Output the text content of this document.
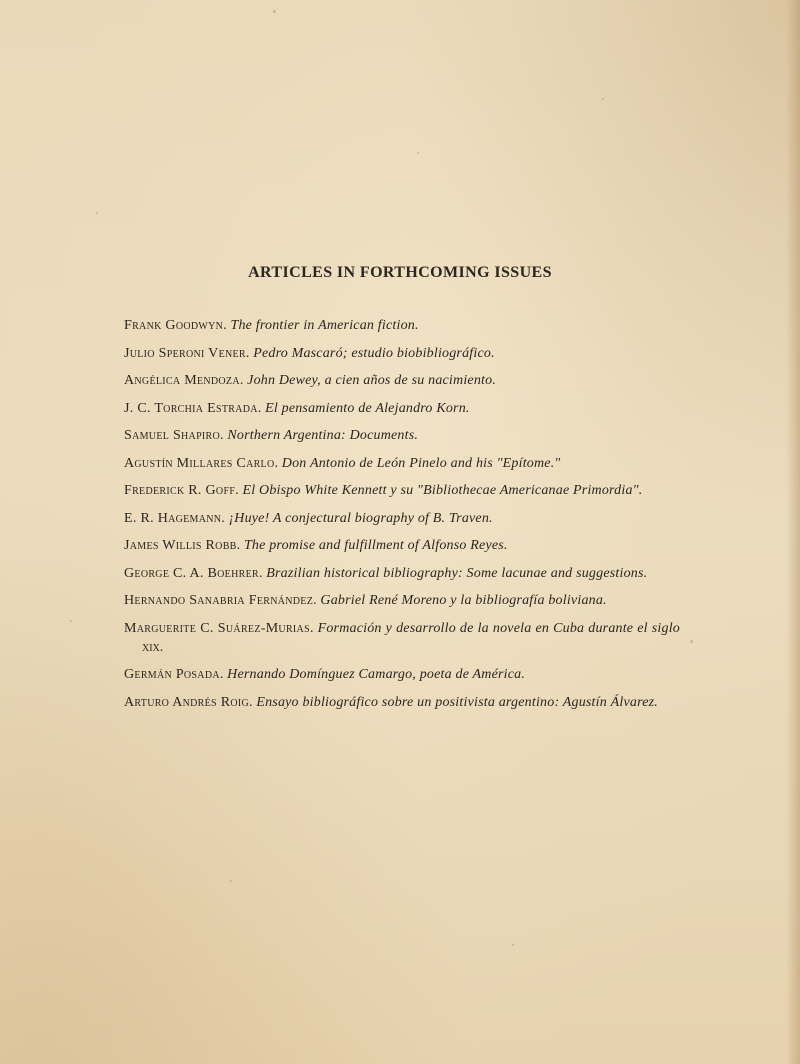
ARTICLES IN FORTHCOMING ISSUES
Frank Goodwyn. The frontier in American fiction.
Julio Speroni Vener. Pedro Mascaró; estudio biobibliográfico.
Angélica Mendoza. John Dewey, a cien años de su nacimiento.
J. C. Torchia Estrada. El pensamiento de Alejandro Korn.
Samuel Shapiro. Northern Argentina: Documents.
Agustín Millares Carlo. Don Antonio de León Pinelo and his "Epítome."
Frederick R. Goff. El Obispo White Kennett y su "Bibliothecae Americanae Primordia".
E. R. Hagemann. ¡Huye! A conjectural biography of B. Traven.
James Willis Robb. The promise and fulfillment of Alfonso Reyes.
George C. A. Boehrer. Brazilian historical bibliography: Some lacunae and suggestions.
Hernando Sanabria Fernández. Gabriel René Moreno y la bibliografía boliviana.
Marguerite C. Suárez-Murias. Formación y desarrollo de la novela en Cuba durante el siglo xix.
Germán Posada. Hernando Domínguez Camargo, poeta de América.
Arturo Andrés Roig. Ensayo bibliográfico sobre un positivista argentino: Agustín Álvarez.
